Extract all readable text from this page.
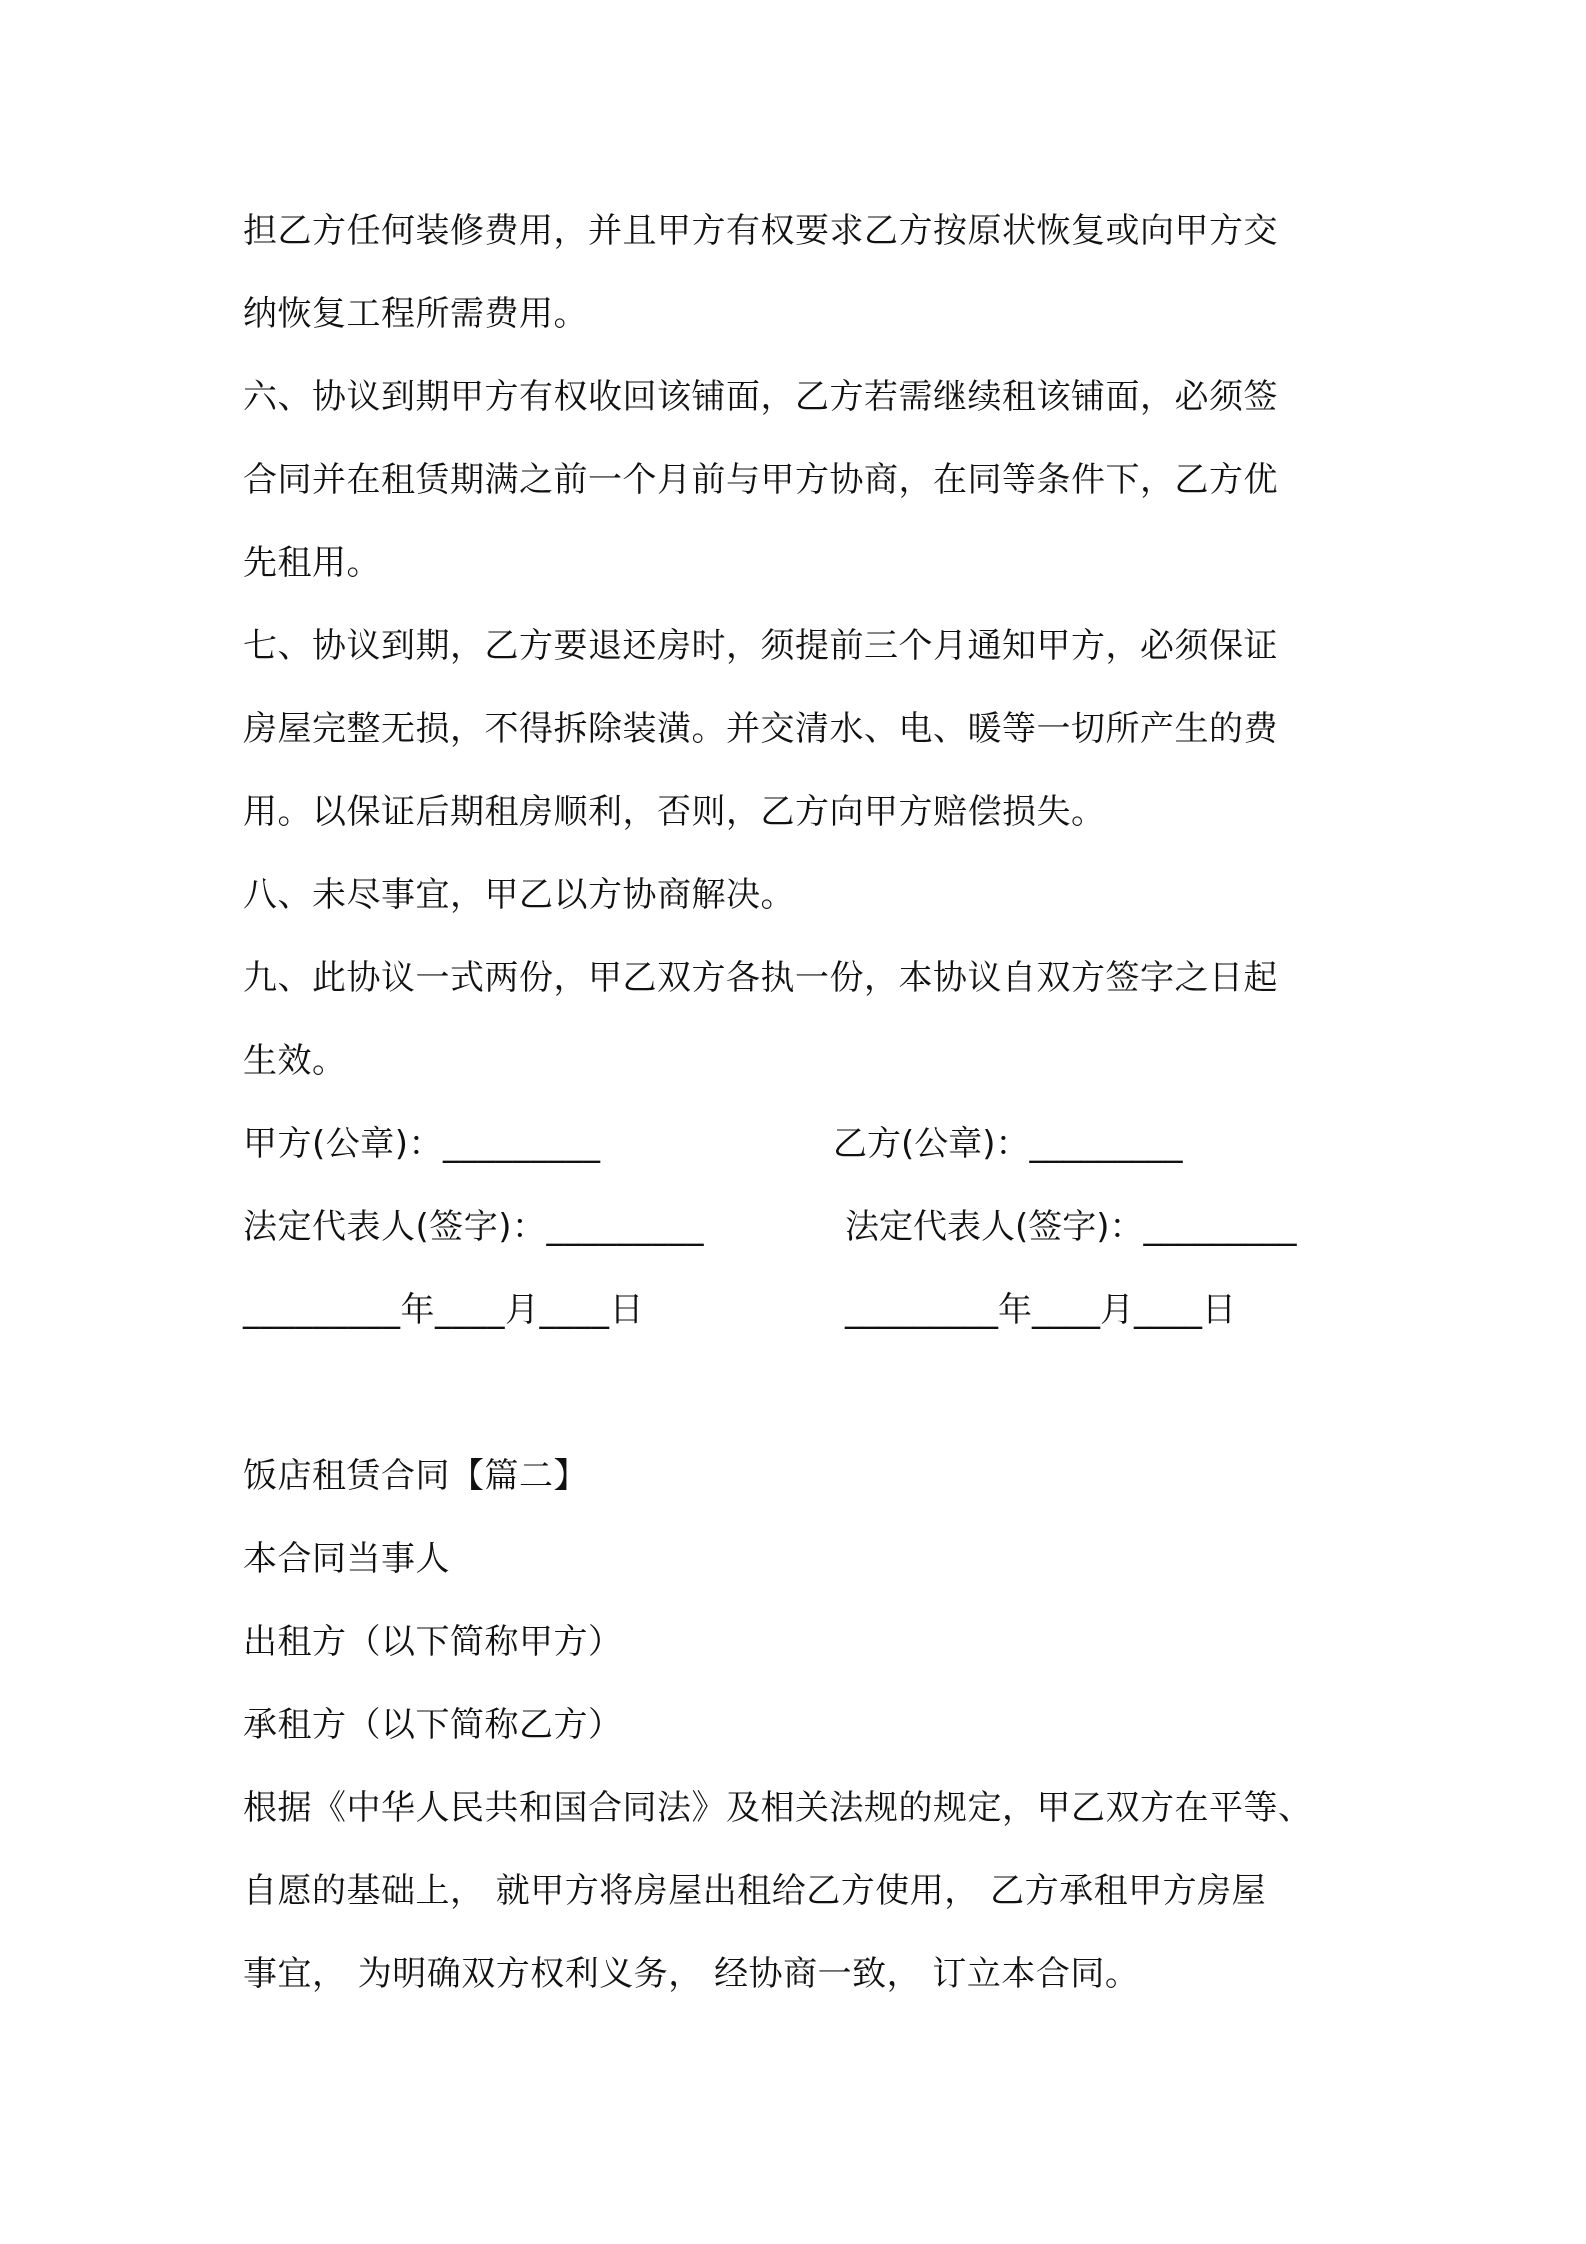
担乙方任何装修费用，并且甲方有权要求乙方按原状恢复或向甲方交
纳恢复工程所需费用。
六、协议到期甲方有权收回该铺面，乙方若需继续租该铺面，必须签
合同并在租赁期满之前一个月前与甲方协商，在同等条件下，乙方优
先租用。
七、协议到期，乙方要退还房时，须提前三个月通知甲方，必须保证
房屋完整无损，不得拆除装潢。并交清水、电、暖等一切所产生的费
用。以保证后期租房顺利，否则，乙方向甲方赔偿损失。
八、未尽事宜，甲乙以方协商解决。
九、此协议一式两份，甲乙双方各执一份，本协议自双方签字之日起
生效。
甲方(公章)：_________	乙方(公章)：_________
法定代表人(签字)：_________	法定代表人(签字)：_________
_________年____月____日	_________年____月____日
饭店租赁合同【篇二】
本合同当事人
出租方（以下简称甲方）
承租方（以下简称乙方）
根据《中华人民共和国合同法》及相关法规的规定，甲乙双方在平等、
自愿的基础上， 就甲方将房屋出租给乙方使用， 乙方承租甲方房屋
事宜， 为明确双方权利义务， 经协商一致， 订立本合同。
